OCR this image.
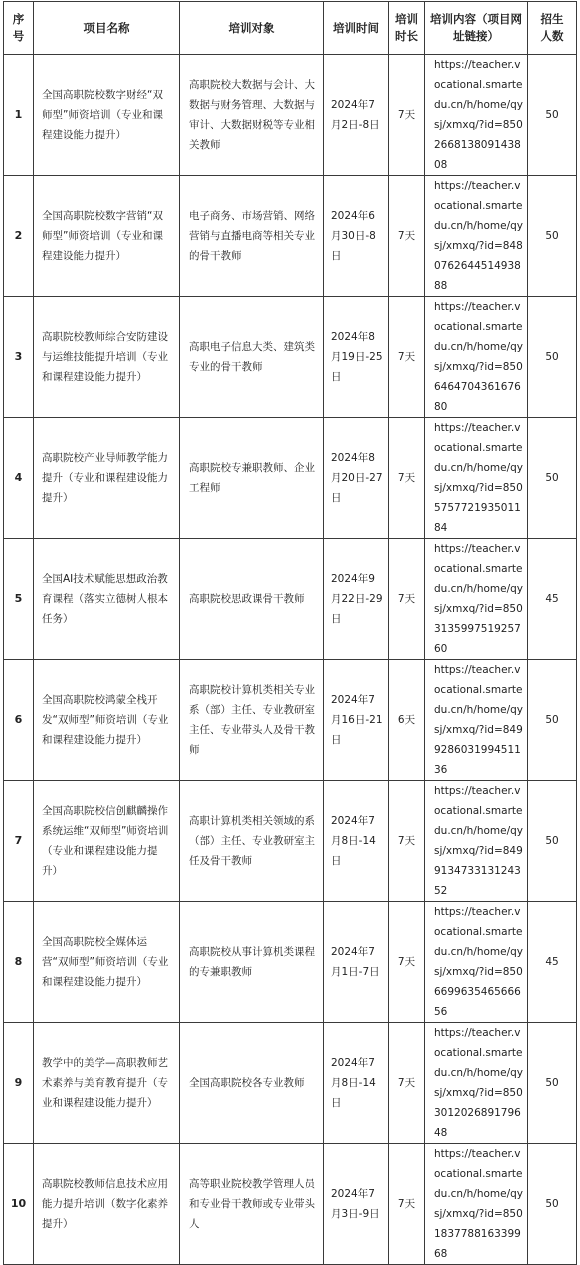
序号	项目名称	培训对象	培训时间	培训时长	培训内容（项目网址链接）	招生人数
1	全国高职院校数字财经“双师型”师资培训（专业和课程建设能力提升）	高职院校大数据与会计、大数据与财务管理、大数据与审计、大数据财税等专业相关教师	2024年7月2日-8日	7天	https://teacher.vocational.smartedu.cn/h/home/qysj/xmxq/?id=8502668138091438 08	50
2	全国高职院校数字营销“双师型”师资培训（专业和课程建设能力提升）	电子商务、市场营销、网络营销与直播电商等相关专业的骨干教师	2024年6月30日-8日	7天	https://teacher.vocational.smartedu.cn/h/home/qysj/xmxq/?id=8480762644514938 88	50
3	高职院校教师综合安防建设与运维技能提升培训（专业和课程建设能力提升）	高职电子信息大类、建筑类专业的骨干教师	2024年8月19日-25日	7天	https://teacher.vocational.smartedu.cn/h/home/qysj/xmxq/?id=8506464704361676 80	50
4	高职院校产业导师教学能力提升（专业和课程建设能力提升）	高职院校专兼职教师、企业工程师	2024年8月20日-27日	7天	https://teacher.vocational.smartedu.cn/h/home/qysj/xmxq/?id=8505757721935011 84	50
5	全国AI技术赋能思想政治教育课程（落实立德树人根本任务）	高职院校思政课骨干教师	2024年9月22日-29日	7天	https://teacher.vocational.smartedu.cn/h/home/qysj/xmxq/?id=8503135997519257 60	45
6	全国高职院校鸿蒙全栈开发“双师型”师资培训（专业和课程建设能力提升）	高职院校计算机类相关专业系（部）主任、专业教研室主任、专业带头人及骨干教师	2024年7月16日-21日	6天	https://teacher.vocational.smartedu.cn/h/home/qysj/xmxq/?id=8499286031994511 36	50
7	全国高职院校信创麒麟操作系统运维“双师型”师资培训（专业和课程建设能力提升）	高职计算机类相关领域的系（部）主任、专业教研室主任及骨干教师	2024年7月8日-14日	7天	https://teacher.vocational.smartedu.cn/h/home/qysj/xmxq/?id=8499134733131243 52	50
8	全国高职院校全媒体运营“双师型”师资培训（专业和课程建设能力提升）	高职院校从事计算机类课程的专兼职教师	2024年7月1日-7日	7天	https://teacher.vocational.smartedu.cn/h/home/qysj/xmxq/?id=8506699635465666 56	45
9	教学中的美学—高职教师艺术素养与美育教育提升（专业和课程建设能力提升）	全国高职院校各专业教师	2024年7月8日-14日	7天	https://teacher.vocational.smartedu.cn/h/home/qysj/xmxq/?id=8503012026891796 48	50
10	高职院校教师信息技术应用能力提升培训（数字化素养提升）	高等职业院校教学管理人员和专业骨干教师或专业带头人	2024年7月3日-9日	7天	https://teacher.vocational.smartedu.cn/h/home/qysj/xmxq/?id=8501837788163399 68	50
